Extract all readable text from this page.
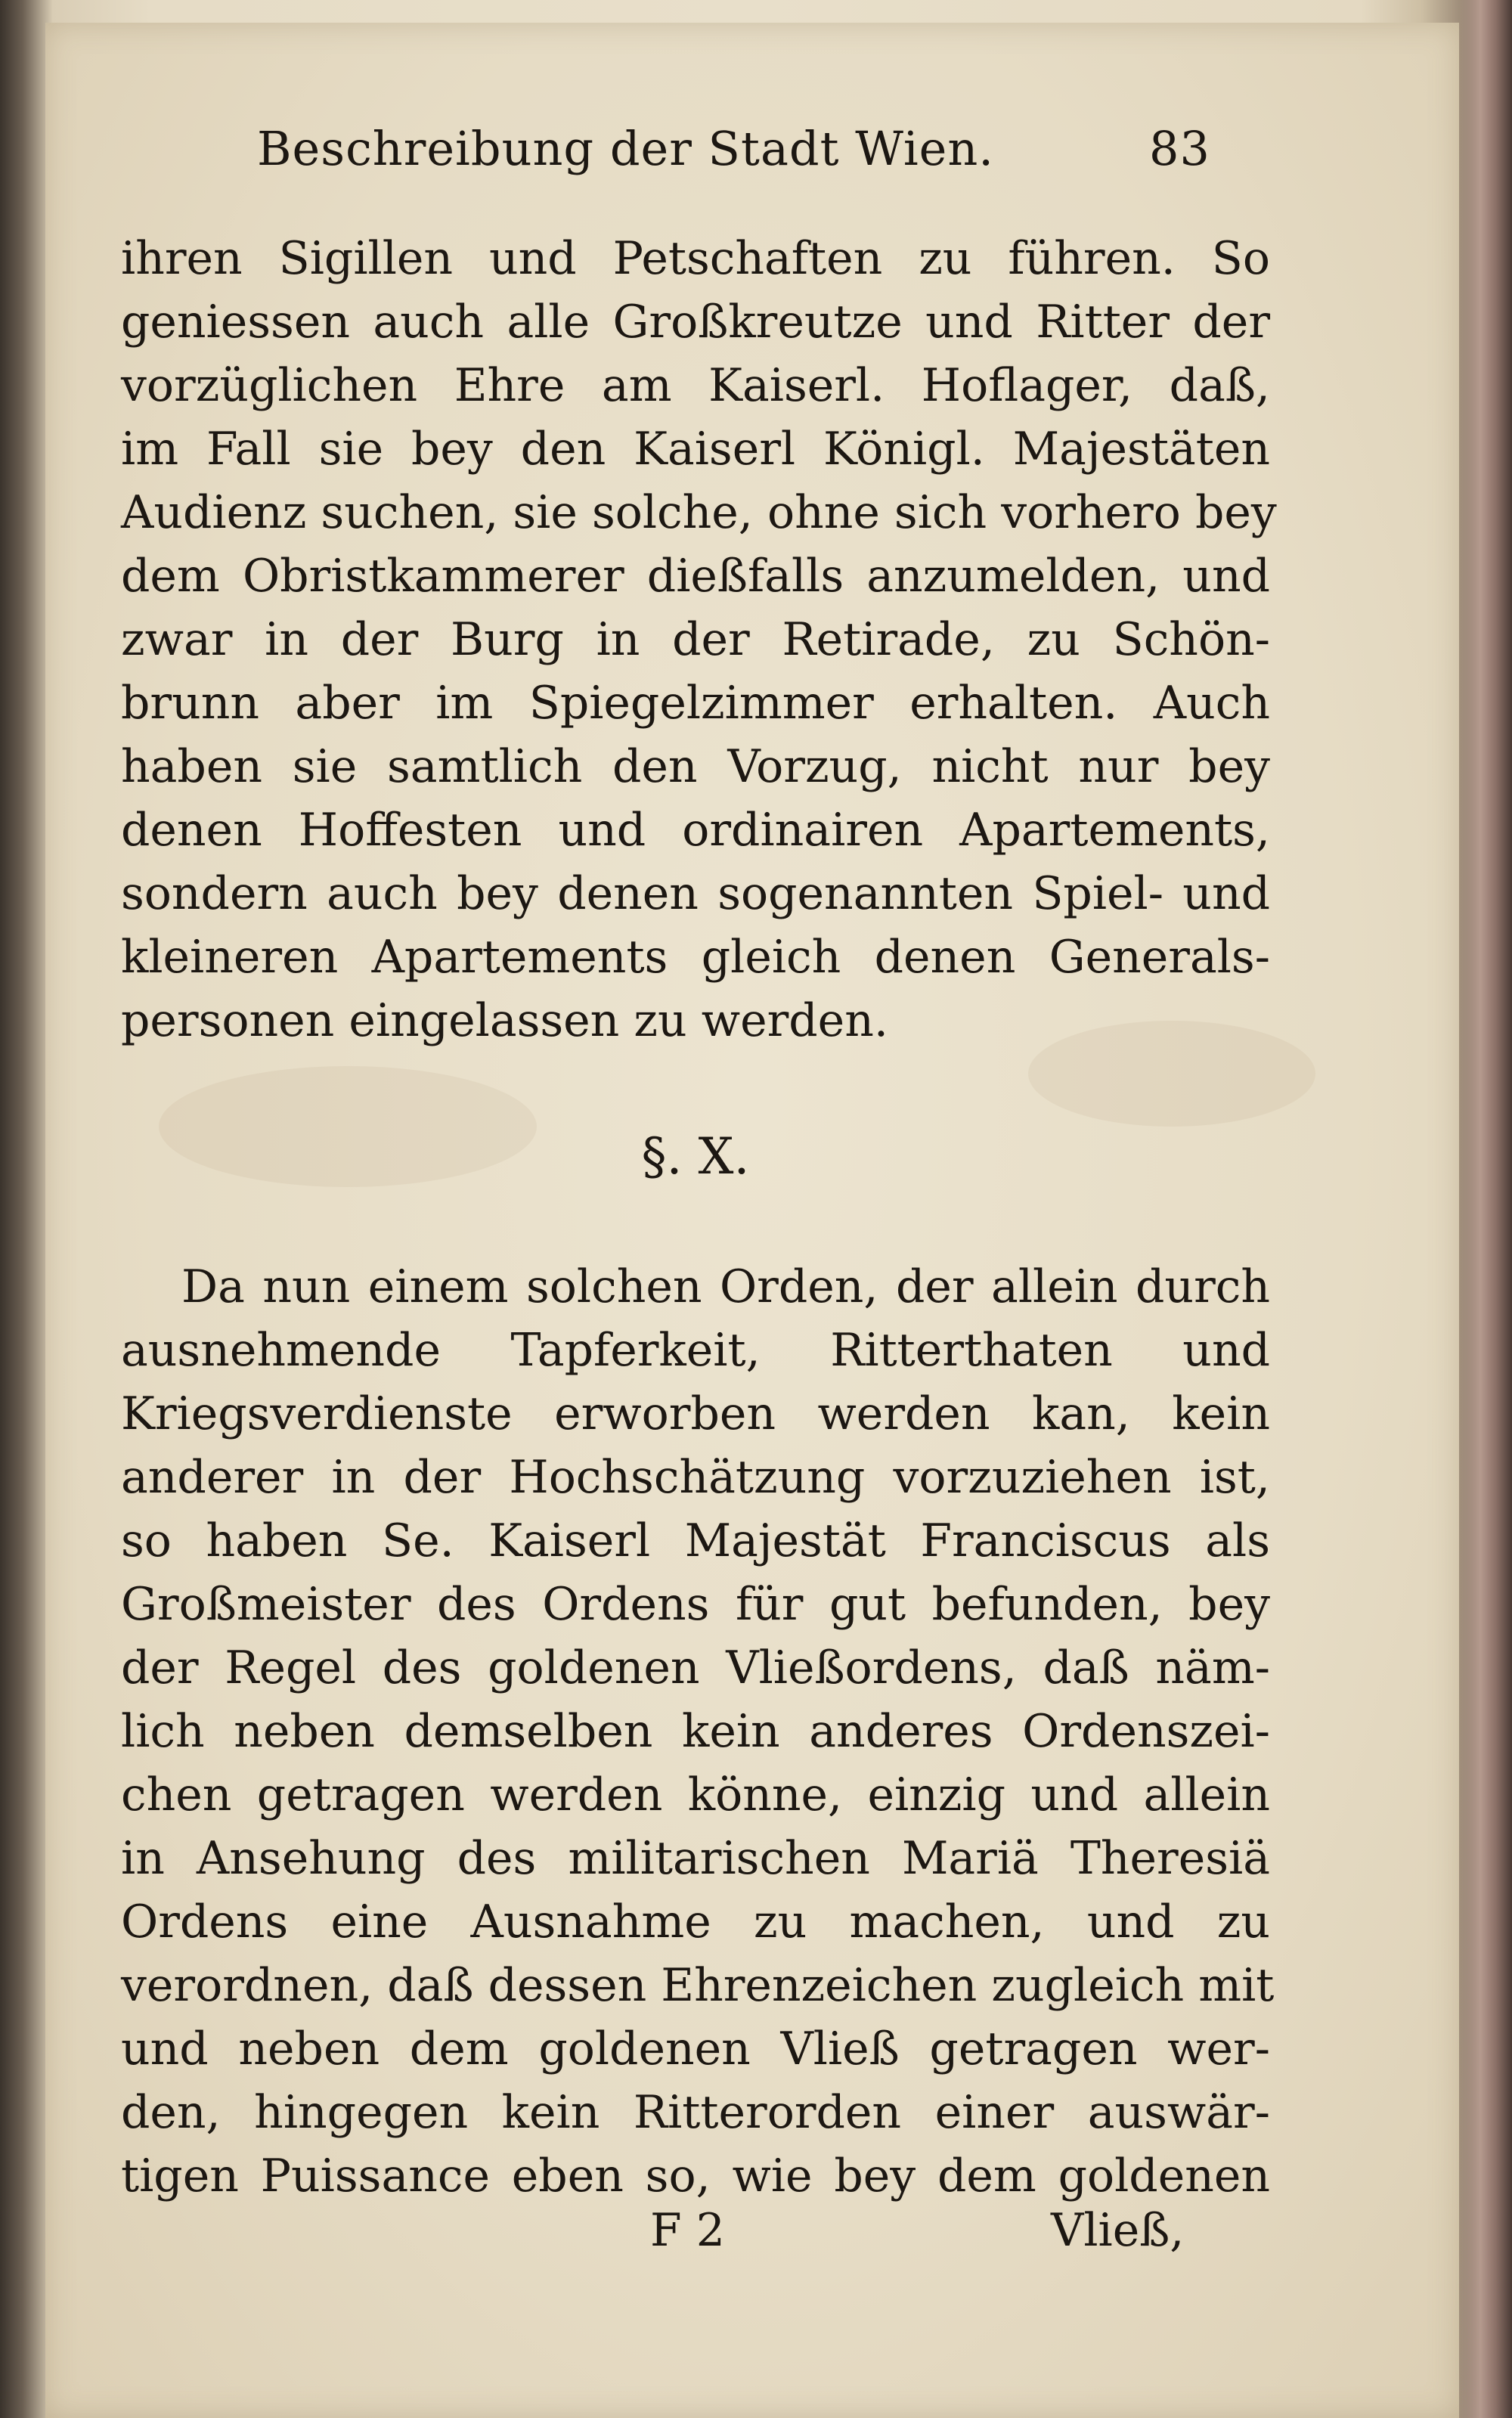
Beschreibung der Stadt Wien.	83
ihren Sigillen und Petschaften zu führen. So
geniessen auch alle Großkreutze und Ritter der
vorzüglichen Ehre am Kaiserl. Hoflager, daß,
im Fall sie bey den Kaiserl Königl. Majestäten
Audienz suchen, sie solche, ohne sich vorhero bey
dem Obristkammerer dießfalls anzumelden, und
zwar in der Burg in der Retirade, zu Schön-
brunn aber im Spiegelzimmer erhalten. Auch
haben sie samtlich den Vorzug, nicht nur bey
denen Hoffesten und ordinairen Apartements,
sondern auch bey denen sogenannten Spiel- und
kleineren Apartements gleich denen Generals-
personen eingelassen zu werden.
§. X.
Da nun einem solchen Orden, der allein durch
ausnehmende Tapferkeit, Ritterthaten und
Kriegsverdienste erworben werden kan, kein
anderer in der Hochschätzung vorzuziehen ist,
so haben Se. Kaiserl Majestät Franciscus als
Großmeister des Ordens für gut befunden, bey
der Regel des goldenen Vließordens, daß näm-
lich neben demselben kein anderes Ordenszei-
chen getragen werden könne, einzig und allein
in Ansehung des militarischen Mariä Theresiä
Ordens eine Ausnahme zu machen, und zu
verordnen, daß dessen Ehrenzeichen zugleich mit
und neben dem goldenen Vließ getragen wer-
den, hingegen kein Ritterorden einer auswär-
tigen Puissance eben so, wie bey dem goldenen
F 2	Vließ,
